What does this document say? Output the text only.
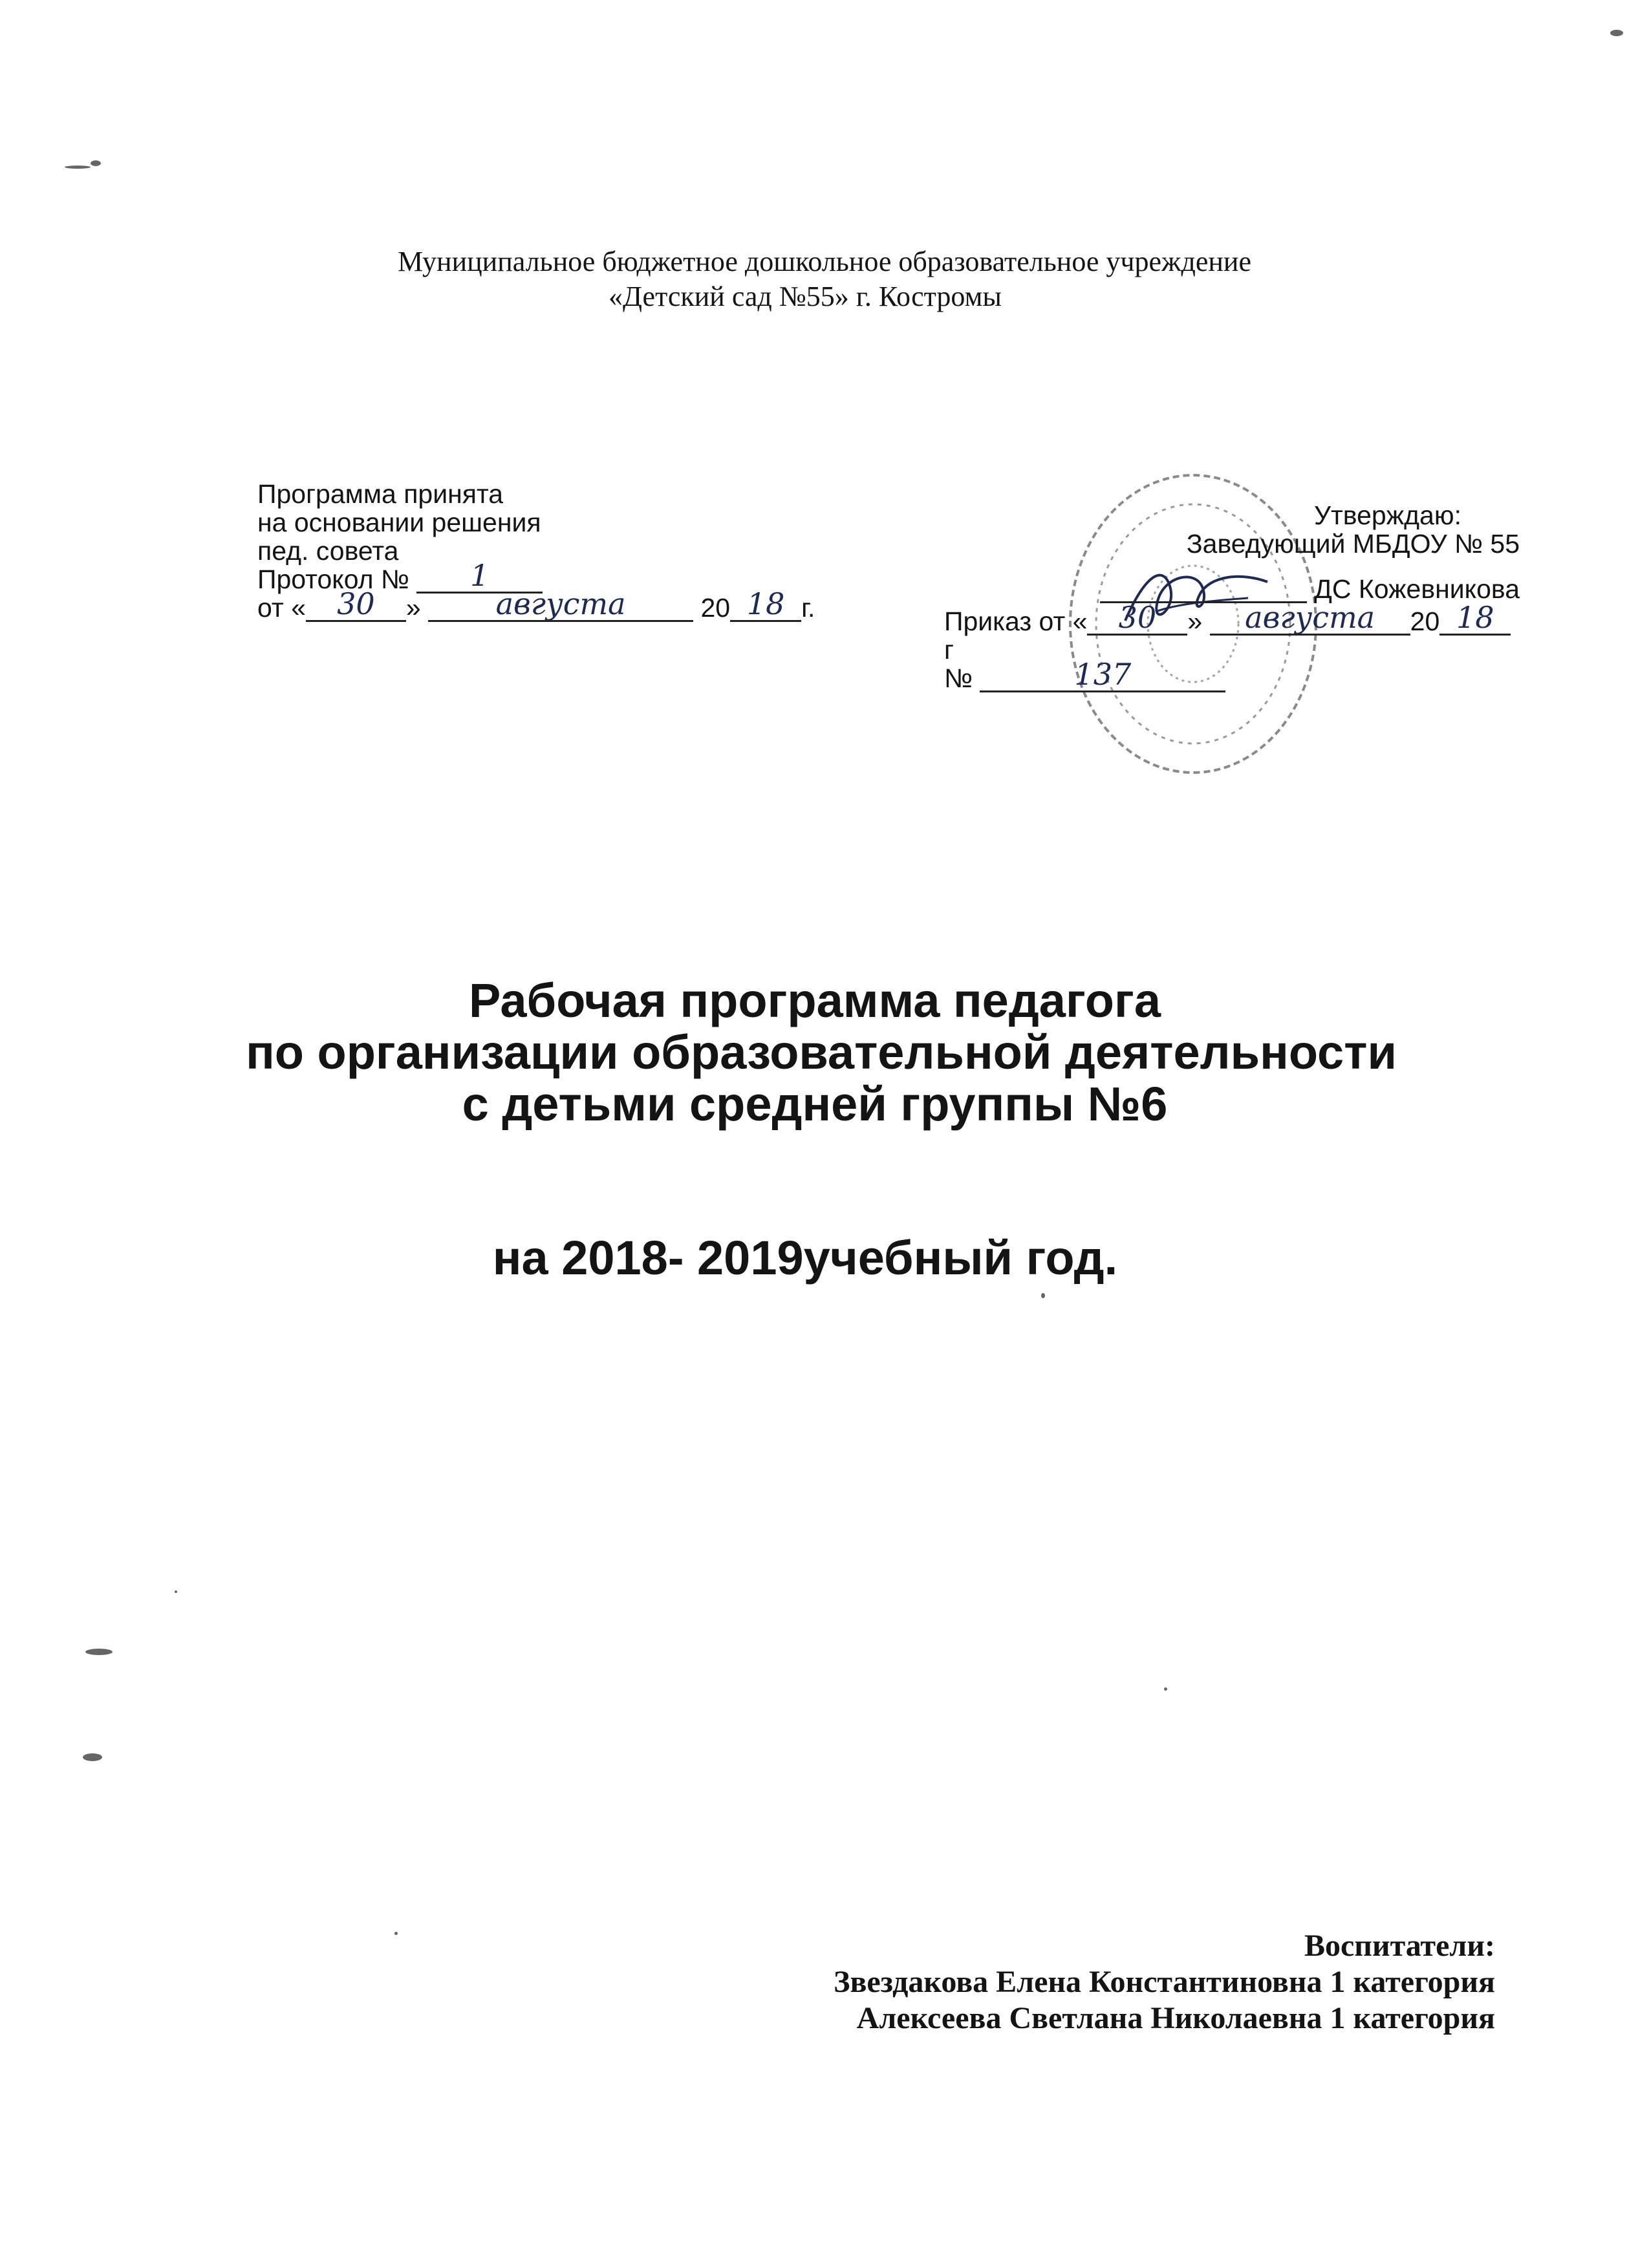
Муниципальное бюджетное дошкольное образовательное учреждение
«Детский сад №55» г. Костромы
Программа принята
на основании решения
пед. совета
Протокол №	1
от «	30	»	августа	20 18 г.
Утверждаю:
Заведующий МБДОУ № 55
ДС Кожевникова
Приказ от «	30	»	августа	20 18
г
№	137
Рабочая программа педагога
по организации образовательной деятельности
с детьми средней группы №6
на 2018- 2019учебный год.
Воспитатели:
Звездакова Елена Константиновна 1 категория
Алексеева Светлана Николаевна 1 категория
